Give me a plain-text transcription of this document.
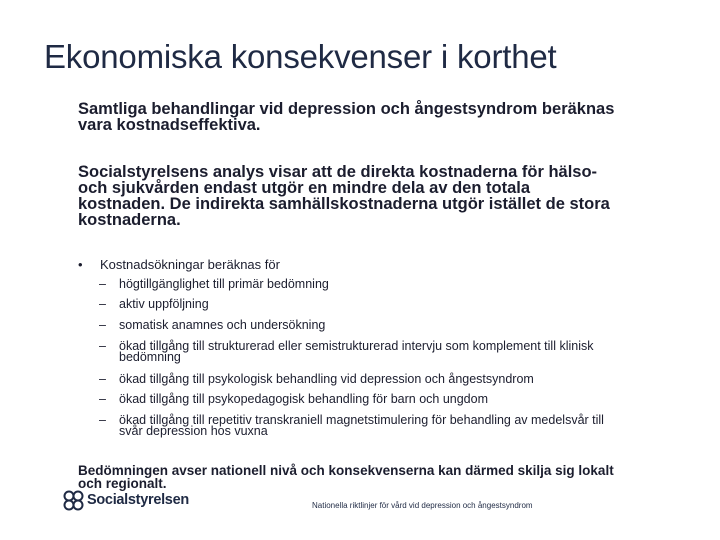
Ekonomiska konsekvenser i korthet
Samtliga behandlingar vid depression och ångestsyndrom beräknas vara kostnadseffektiva.
Socialstyrelsens analys visar att de direkta kostnaderna för hälso- och sjukvården endast utgör en mindre dela av den totala kostnaden. De indirekta samhällskostnaderna utgör istället de stora kostnaderna.
• Kostnadsökningar beräknas för
– högtillgänglighet till primär bedömning
– aktiv uppföljning
– somatisk anamnes och undersökning
– ökad tillgång till strukturerad eller semistrukturerad intervju som komplement till klinisk bedömning
– ökad tillgång till psykologisk behandling vid depression och ångestsyndrom
– ökad tillgång till psykopedagogisk behandling för barn och ungdom
– ökad tillgång till repetitiv transkraniell magnetstimulering för behandling av medelsvår till svår depression hos vuxna
Bedömningen avser nationell nivå och konsekvenserna kan därmed skilja sig lokalt och regionalt.
Socialstyrelsen	Nationella riktlinjer för vård vid depression och ångestsyndrom
